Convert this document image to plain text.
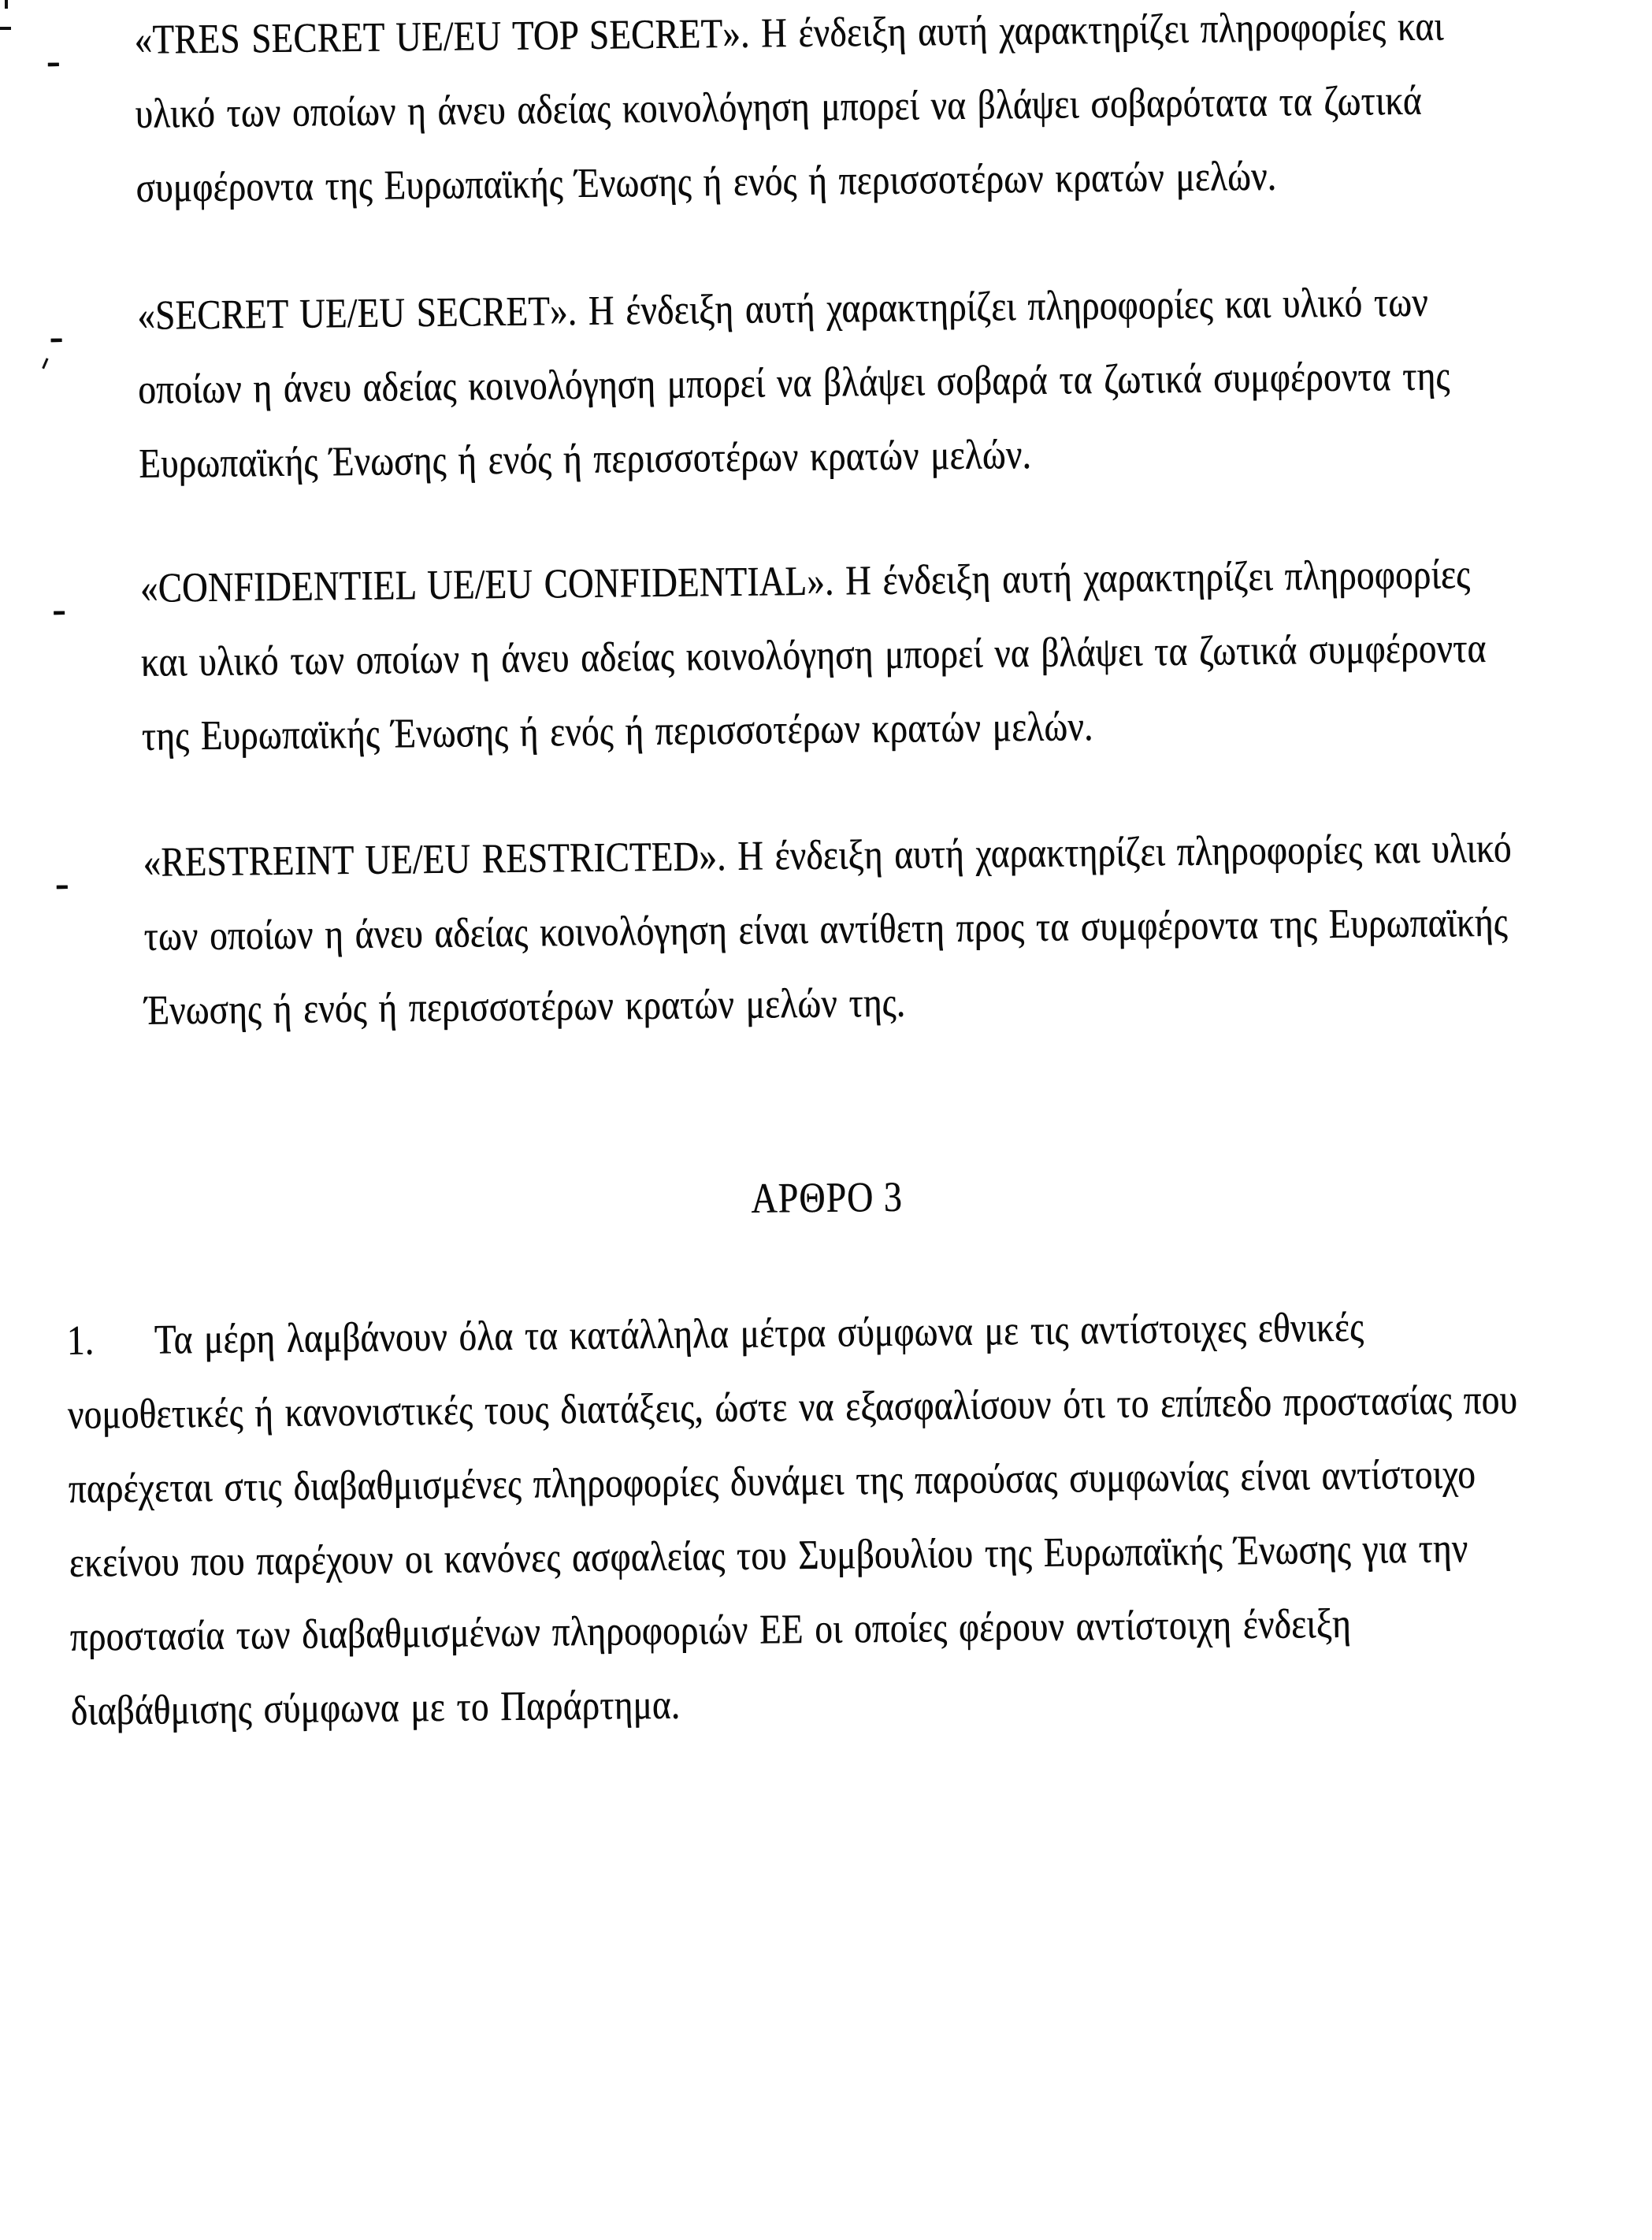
- «TRES SECRET UE/EU TOP SECRET». Η ένδειξη αυτή χαρακτηρίζει πληροφορίες και
υλικό των οποίων η άνευ αδείας κοινολόγηση μπορεί να βλάψει σοβαρότατα τα ζωτικά
συμφέροντα της Ευρωπαϊκής Ένωσης ή ενός ή περισσοτέρων κρατών μελών.
- «SECRET UE/EU SECRET». Η ένδειξη αυτή χαρακτηρίζει πληροφορίες και υλικό των
οποίων η άνευ αδείας κοινολόγηση μπορεί να βλάψει σοβαρά τα ζωτικά συμφέροντα της
Ευρωπαϊκής Ένωσης ή ενός ή περισσοτέρων κρατών μελών.
- «CONFIDENTIEL UE/EU CONFIDENTIAL». Η ένδειξη αυτή χαρακτηρίζει πληροφορίες
και υλικό των οποίων η άνευ αδείας κοινολόγηση μπορεί να βλάψει τα ζωτικά συμφέροντα
της Ευρωπαϊκής Ένωσης ή ενός ή περισσοτέρων κρατών μελών.
- «RESTREINT UE/EU RESTRICTED». Η ένδειξη αυτή χαρακτηρίζει πληροφορίες και υλικό
των οποίων η άνευ αδείας κοινολόγηση είναι αντίθετη προς τα συμφέροντα της Ευρωπαϊκής
Ένωσης ή ενός ή περισσοτέρων κρατών μελών της.
ΑΡΘΡΟ 3
1. Τα μέρη λαμβάνουν όλα τα κατάλληλα μέτρα σύμφωνα με τις αντίστοιχες εθνικές
νομοθετικές ή κανονιστικές τους διατάξεις, ώστε να εξασφαλίσουν ότι το επίπεδο προστασίας που
παρέχεται στις διαβαθμισμένες πληροφορίες δυνάμει της παρούσας συμφωνίας είναι αντίστοιχο
εκείνου που παρέχουν οι κανόνες ασφαλείας του Συμβουλίου της Ευρωπαϊκής Ένωσης για την
προστασία των διαβαθμισμένων πληροφοριών ΕΕ οι οποίες φέρουν αντίστοιχη ένδειξη
διαβάθμισης σύμφωνα με το Παράρτημα.
